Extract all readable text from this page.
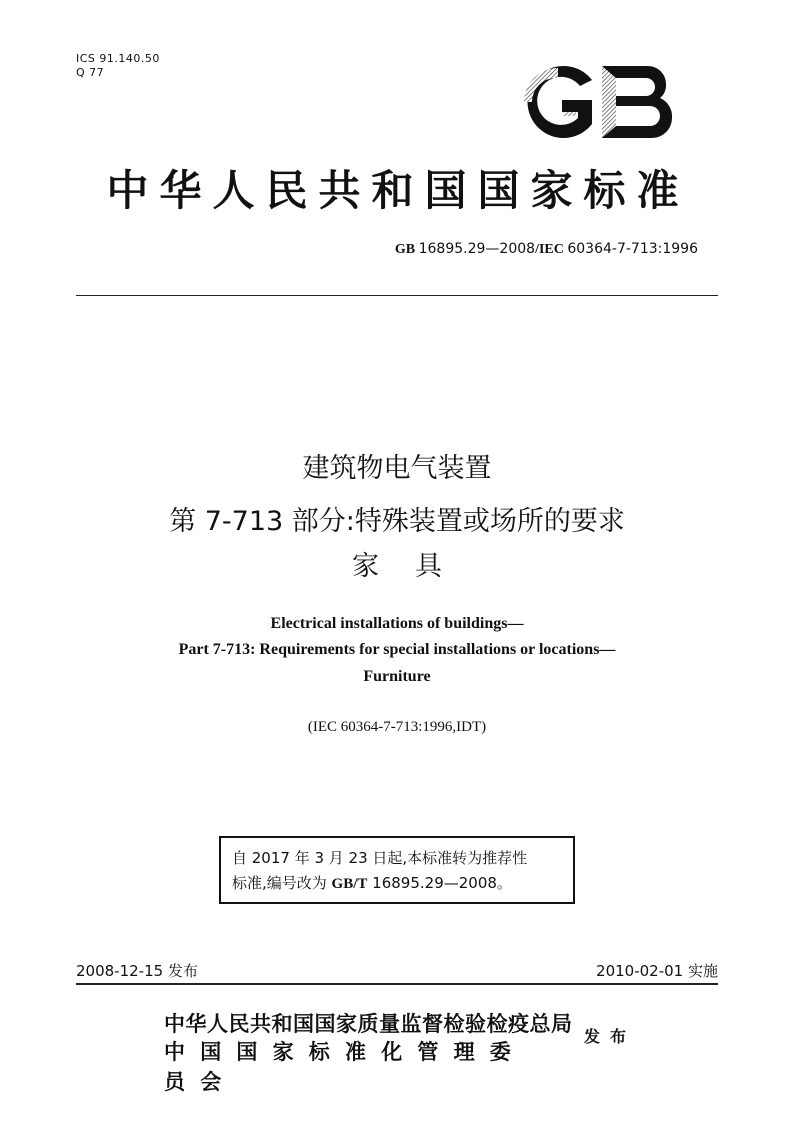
ICS 91.140.50
Q 77
中华人民共和国国家标准
GB 16895.29—2008/IEC 60364-7-713:1996
建筑物电气装置
第 7-713 部分:特殊装置或场所的要求
家具
Electrical installations of buildings—
Part 7-713: Requirements for special installations or locations—
Furniture
(IEC 60364-7-713:1996,IDT)
自 2017 年 3 月 23 日起,本标准转为推荐性
标准,编号改为 GB/T 16895.29—2008。
2008-12-15 发布	2010-02-01 实施
中华人民共和国国家质量监督检验检疫总局
中国国家标准化管理委员会
发布
